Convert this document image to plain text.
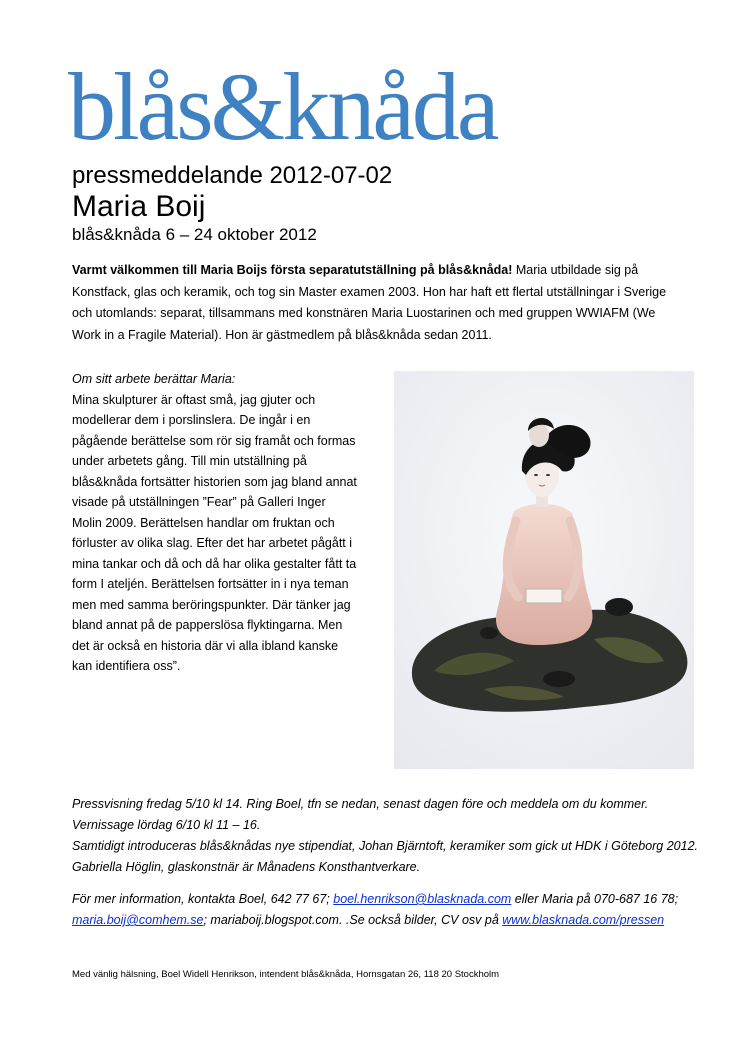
blås&knåda
pressmeddelande 2012-07-02
Maria Boij
blås&knåda 6 – 24 oktober 2012
Varmt välkommen till Maria Boijs första separatutställning på blås&knåda! Maria utbildade sig på Konstfack, glas och keramik, och tog sin Master examen 2003. Hon har haft ett flertal utställningar i Sverige och utomlands: separat, tillsammans med konstnären Maria Luostarinen och med gruppen WWIAFM (We Work in a Fragile Material). Hon är gästmedlem på blås&knåda sedan 2011.

Om sitt arbete berättar Maria:

Mina skulpturer är oftast små, jag gjuter och modellerar dem i porslinslera. De ingår i en pågående berättelse som rör sig framåt och formas under arbetets gång. Till min utställning på blås&knåda fortsätter historien som jag bland annat visade på utställningen ”Fear” på Galleri Inger Molin 2009. Berättelsen handlar om fruktan och förluster av olika slag. Efter det har arbetet pågått i mina tankar och då och då har olika gestalter fått ta form I ateljén. Berättelsen fortsätter in i nya teman men med samma beröringspunkter. Där tänker jag bland annat på de papperslösa flyktingarna. Men det är också en historia där vi alla ibland kanske kan identifiera oss”.

Pressvisning fredag 5/10 kl 14. Ring Boel, tfn se nedan, senast dagen före och meddela om du kommer.

Vernissage lördag 6/10 kl 11 – 16.

Samtidigt introduceras blås&knådas nye stipendiat, Johan Bjärntoft, keramiker som gick ut HDK i Göteborg 2012. Gabriella Höglin, glaskonstnär är Månadens Konsthantverkare.

För mer information, kontakta Boel, 642 77 67; boel.henrikson@blasknada.com eller Maria på 070-687 16 78; maria.boij@comhem.se; mariaboij.blogspot.com. .Se också bilder, CV osv på www.blasknada.com/pressen
Med vänlig hälsning, Boel Widell Henrikson, intendent blås&knåda, Hornsgatan 26, 118 20 Stockholm
